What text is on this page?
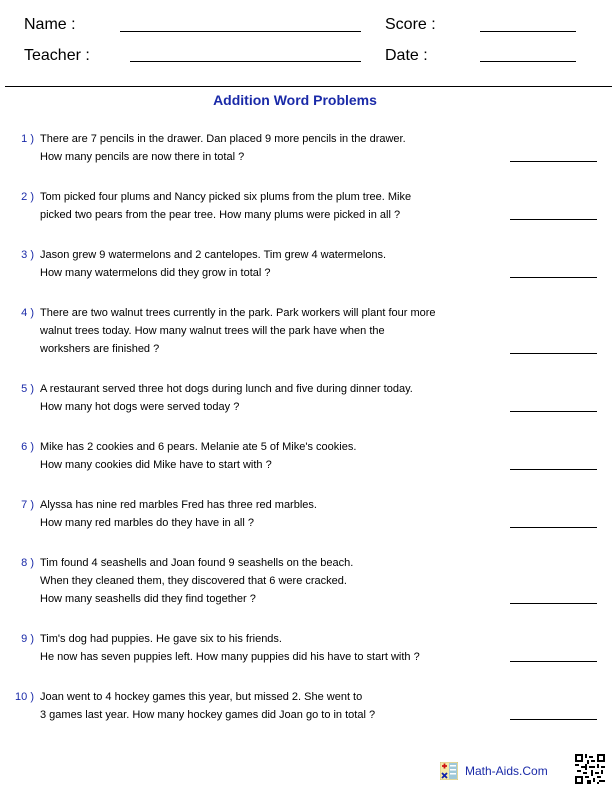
Name :
Teacher :
Score :
Date :
Addition Word Problems
1 ) There are 7 pencils in the drawer. Dan placed 9 more pencils in the drawer.
How many pencils are now there in total ?
2 ) Tom picked four plums and Nancy picked six plums from the plum tree. Mike
picked two pears from the pear tree. How many plums were picked in all ?
3 ) Jason grew 9 watermelons and 2 cantelopes. Tim grew 4 watermelons.
How many watermelons did they grow in total ?
4 ) There are two walnut trees currently in the park. Park workers will plant four more
walnut trees today. How many walnut trees will the park have when the
workshers are finished ?
5 ) A restaurant served three hot dogs during lunch and five during dinner today.
How many hot dogs were served today ?
6 ) Mike has 2 cookies and 6 pears. Melanie ate 5 of Mike's cookies.
How many cookies did Mike have to start with ?
7 ) Alyssa has nine red marbles Fred has three red marbles.
How many red marbles do they have in all ?
8 ) Tim found 4 seashells and Joan found 9 seashells on the beach.
When they cleaned them, they discovered that 6 were cracked.
How many seashells did they find together ?
9 ) Tim's dog had puppies. He gave six to his friends.
He now has seven puppies left. How many puppies did his have to start with ?
10 ) Joan went to 4 hockey games this year, but missed 2. She went to
3 games last year. How many hockey games did Joan go to in total ?
Math-Aids.Com
